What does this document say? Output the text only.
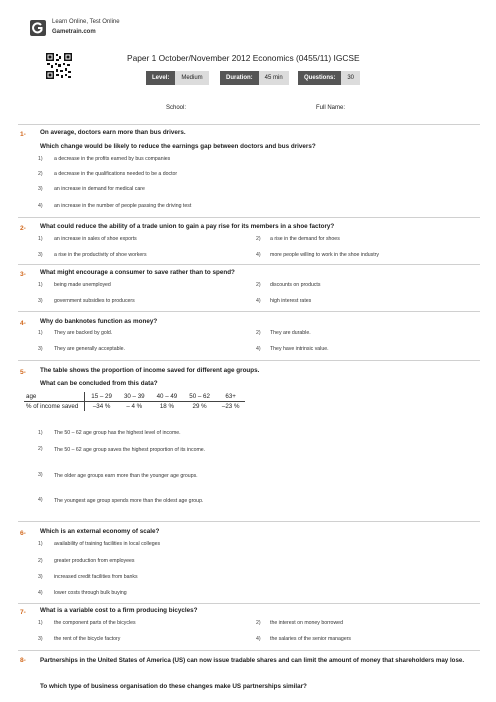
Learn Online, Test Online
Gametrain.com
Paper 1 October/November 2012 Economics (0455/11) IGCSE
Level:	Medium	Duration:	45 min	Questions:	30
School:	Full Name:
1- On average, doctors earn more than bus drivers.
Which change would be likely to reduce the earnings gap between doctors and bus drivers?
1) a decrease in the profits earned by bus companies
2) a decrease in the qualifications needed to be a doctor
3) an increase in demand for medical care
4) an increase in the number of people passing the driving test
2- What could reduce the ability of a trade union to gain a pay rise for its members in a shoe factory?
1) an increase in sales of shoe exports	2) a rise in the demand for shoes
3) a rise in the productivity of shoe workers	4) more people willing to work in the shoe industry
3- What might encourage a consumer to save rather than to spend?
1) being made unemployed	2) discounts on products
3) government subsidies to producers	4) high interest rates
4- Why do banknotes function as money?
1) They are backed by gold.	2) They are durable.
3) They are generally acceptable.	4) They have intrinsic value.
5- The table shows the proportion of income saved for different age groups.
What can be concluded from this data?
age	15 – 29	30 – 39	40 – 49	50 – 62	63+
% of income saved	–34 %	– 4 %	18 %	29 %	–23 %
1) The 50 – 62 age group has the highest level of income.
2)	The 50 – 62 age group saves the highest proportion of its income.
3)	The older age groups earn more than the younger age groups.
4)	The youngest age group spends more than the oldest age group.
6- Which is an external economy of scale?
1) availability of training facilities in local colleges
2) greater production from employees
3) increased credit facilities from banks
4) lower costs through bulk buying
7- What is a variable cost to a firm producing bicycles?
1) the component parts of the bicycles	2) the interest on money borrowed
3) the rent of the bicycle factory	4) the salaries of the senior managers
8- Partnerships in the United States of America (US) can now issue tradable shares and can limit the amount of money that shareholders may lose.
To which type of business organisation do these changes make US partnerships similar?
